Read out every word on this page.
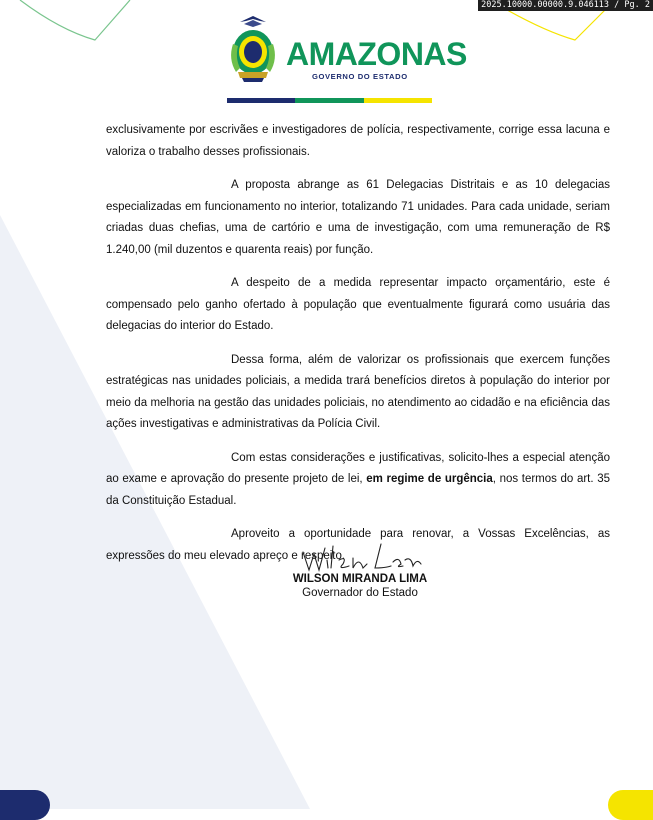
2025.10000.00000.9.046113 / Pg. 2
AMAZONAS
GOVERNO DO ESTADO

exclusivamente por escrivães e investigadores de polícia, respectivamente, corrige essa lacuna e valoriza o trabalho desses profissionais.

A proposta abrange as 61 Delegacias Distritais e as 10 delegacias especializadas em funcionamento no interior, totalizando 71 unidades. Para cada unidade, seriam criadas duas chefias, uma de cartório e uma de investigação, com uma remuneração de R$ 1.240,00 (mil duzentos e quarenta reais) por função.

A despeito de a medida representar impacto orçamentário, este é compensado pelo ganho ofertado à população que eventualmente figurará como usuária das delegacias do interior do Estado.

Dessa forma, além de valorizar os profissionais que exercem funções estratégicas nas unidades policiais, a medida trará benefícios diretos à população do interior por meio da melhoria na gestão das unidades policiais, no atendimento ao cidadão e na eficiência das ações investigativas e administrativas da Polícia Civil.

Com estas considerações e justificativas, solicito-lhes a especial atenção ao exame e aprovação do presente projeto de lei, em regime de urgência, nos termos do art. 35 da Constituição Estadual.

Aproveito a oportunidade para renovar, a Vossas Excelências, as expressões do meu elevado apreço e respeito.

WILSON MIRANDA LIMA
Governador do Estado
